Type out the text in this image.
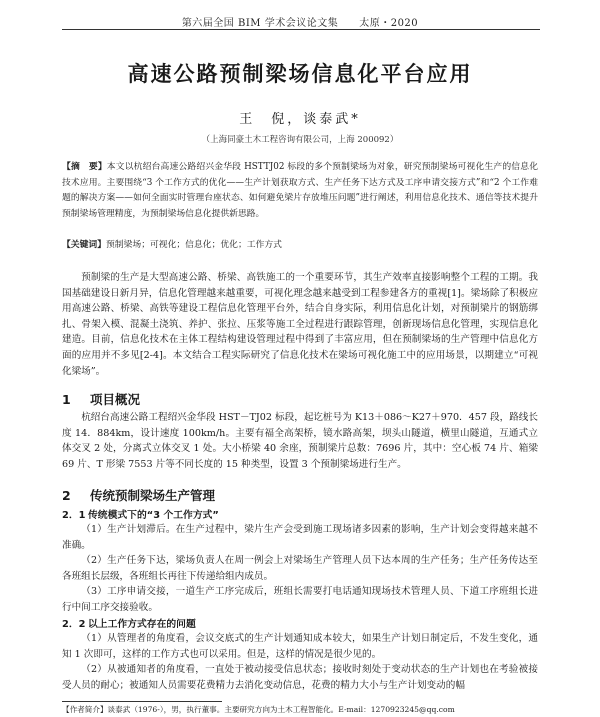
第六届全国 BIM 学术会议论文集　　太原・2020
高速公路预制梁场信息化平台应用
王　倪，谈泰武*
（上海同豪土木工程咨询有限公司，上海 200092）
【摘　要】本文以杭绍台高速公路绍兴金华段 HSTTJ02 标段的多个预制梁场为对象，研究预制梁场可视化生产的信息化技术应用。主要围绕“3 个工作方式的优化——生产计划获取方式、生产任务下达方式及工序申请交接方式”和“2 个工作难题的解决方案——如何全面实时管理台座状态、如何避免梁片存放堆压问题”进行阐述，利用信息化技术、通信等技术提升预制梁场管理精度，为预制梁场信息化提供新思路。
【关键词】预制梁场；可视化；信息化；优化；工作方式
预制梁的生产是大型高速公路、桥梁、高铁施工的一个重要环节，其生产效率直接影响整个工程的工期。我国基础建设日新月异，信息化管理越来越重要，可视化理念越来越受到工程参建各方的重视[1]。梁场除了积极应用高速公路、桥梁、高铁等建设工程信息化管理平台外，结合自身实际，利用信息化计划，对预制梁片的钢筋绑扎、骨架入模、混凝土浇筑、养护、张拉、压浆等施工全过程进行跟踪管理，创新现场信息化管理，实现信息化建造。目前，信息化技术在主体工程结构建设管理过程中得到了丰富应用，但在预制梁场的生产管理中信息化方面的应用并不多见[2-4]。本文结合工程实际研究了信息化技术在梁场可视化施工中的应用场景，以期建立“可视化梁场”。
1 项目概况
杭绍台高速公路工程绍兴金华段 HST－TJ02 标段，起讫桩号为 K13＋086～K27＋970．457 段，路线长度 14．884km，设计速度 100km/h。主要有福全高架桥，镜水路高架，坝头山隧道，横里山隧道，互通式立体交叉 2 处，分离式立体交叉 1 处。大小桥梁 40 余座，预制梁片总数：7696 片，其中：空心板 74 片、箱梁 69 片、T 形梁 7553 片等不同长度的 15 种类型，设置 3 个预制梁场进行生产。
2 传统预制梁场生产管理
2．1 传统模式下的“3 个工作方式”
（1）生产计划滞后。在生产过程中，梁片生产会受到施工现场诸多因素的影响，生产计划会变得越来越不准确。
（2）生产任务下达，梁场负责人在周一例会上对梁场生产管理人员下达本周的生产任务；生产任务传达至各班组长层级，各班组长再往下传递给组内成员。
（3）工序申请交接，一道生产工序完成后，班组长需要打电话通知现场技术管理人员、下道工序班组长进行中间工序交接验收。
2．2 以上工作方式存在的问题
（1）从管理者的角度看，会议交底式的生产计划通知成本较大，如果生产计划日制定后，不发生变化，通知 1 次即可，这样的工作方式也可以采用。但是，这样的情况是很少见的。
（2）从被通知者的角度看，一直处于被动接受信息状态；接收时刻处于变动状态的生产计划也在考验被接受人员的耐心；被通知人员需要花费精力去消化变动信息，花费的精力大小与生产计划变动的幅
【作者简介】谈泰武（1976-），男，执行董事。主要研究方向为土木工程智能化。E-mail：1270923245@qq.com
